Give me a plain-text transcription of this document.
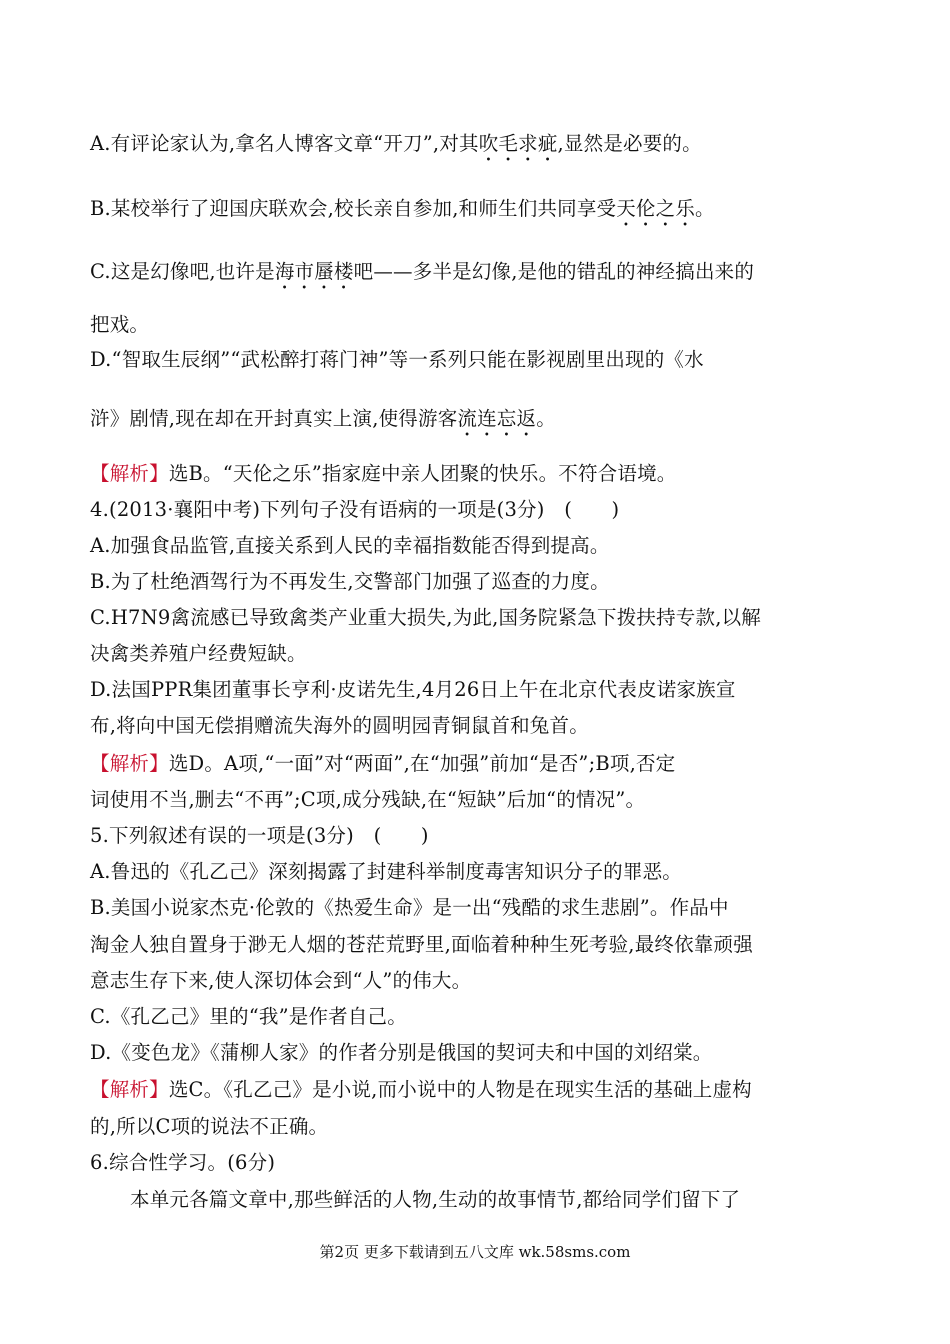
A.有评论家认为,拿名人博客文章“开刀”,对其吹毛求疵,显然是必要的。
B.某校举行了迎国庆联欢会,校长亲自参加,和师生们共同享受天伦之乐。
C.这是幻像吧,也许是海市蜃楼吧——多半是幻像,是他的错乱的神经搞出来的
把戏。
D.“智取生辰纲”“武松醉打蒋门神”等一系列只能在影视剧里出现的《水
浒》剧情,现在却在开封真实上演,使得游客流连忘返。
【解析】选B。“天伦之乐”指家庭中亲人团聚的快乐。不符合语境。
4.(2013·襄阳中考)下列句子没有语病的一项是(3分)　(　　)
A.加强食品监管,直接关系到人民的幸福指数能否得到提高。
B.为了杜绝酒驾行为不再发生,交警部门加强了巡查的力度。
C.H7N9禽流感已导致禽类产业重大损失,为此,国务院紧急下拨扶持专款,以解
决禽类养殖户经费短缺。
D.法国PPR集团董事长亨利·皮诺先生,4月26日上午在北京代表皮诺家族宣
布,将向中国无偿捐赠流失海外的圆明园青铜鼠首和兔首。
【解析】选D。A项,“一面”对“两面”,在“加强”前加“是否”;B项,否定
词使用不当,删去“不再”;C项,成分残缺,在“短缺”后加“的情况”。
5.下列叙述有误的一项是(3分)　(　　)
A.鲁迅的《孔乙己》深刻揭露了封建科举制度毒害知识分子的罪恶。
B.美国小说家杰克·伦敦的《热爱生命》是一出“残酷的求生悲剧”。作品中
淘金人独自置身于渺无人烟的苍茫荒野里,面临着种种生死考验,最终依靠顽强
意志生存下来,使人深切体会到“人”的伟大。
C.《孔乙己》里的“我”是作者自己。
D.《变色龙》《蒲柳人家》的作者分别是俄国的契诃夫和中国的刘绍棠。
【解析】选C。《孔乙己》是小说,而小说中的人物是在现实生活的基础上虚构
的,所以C项的说法不正确。
6.综合性学习。(6分)
本单元各篇文章中,那些鲜活的人物,生动的故事情节,都给同学们留下了
第2页 更多下载请到五八文库 wk.58sms.com
